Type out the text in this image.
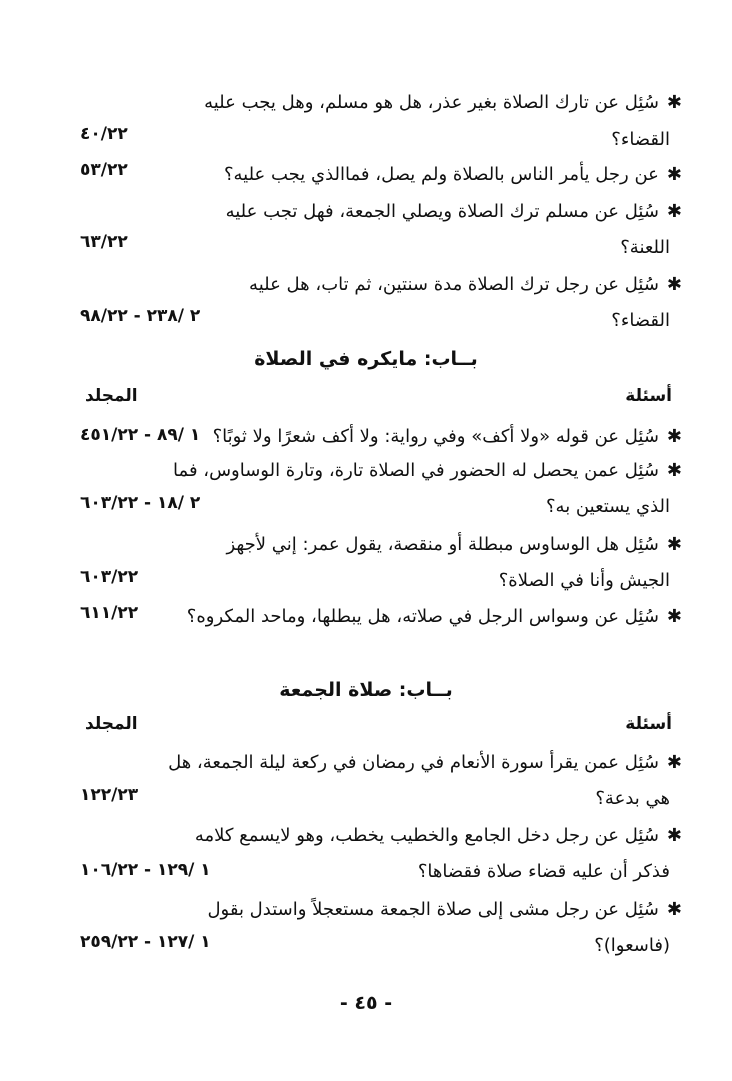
✱سُئِل عن تارك الصلاة بغير عذر، هل هو مسلم، وهل يجب عليه
القضاء؟
٤٠/٢٢
✱عن رجل يأمر الناس بالصلاة ولم يصل، فماالذي يجب عليه؟
٥٣/٢٢
✱سُئِل عن مسلم ترك الصلاة ويصلي الجمعة، فهل تجب عليه
اللعنة؟
٦٣/٢٢
✱سُئِل عن رجل ترك الصلاة مدة سنتين، ثم تاب، هل عليه
القضاء؟
٢ /٢٣٨ - ٩٨/٢٢
بــاب: مايكره في الصلاة
أسئلة
المجلد
✱سُئِل عن قوله «ولا أكف» وفي رواية: ولا أكف شعرًا ولا ثوبًا؟
١ /٨٩ - ٤٥١/٢٢
✱سُئِل عمن يحصل له الحضور في الصلاة تارة، وتارة الوساوس، فما
الذي يستعين به؟
٢ /١٨ - ٦٠٣/٢٢
✱سُئِل هل الوساوس مبطلة أو منقصة، يقول عمر: إني لأجهز
الجيش وأنا في الصلاة؟
٦٠٣/٢٢
✱سُئِل عن وسواس الرجل في صلاته، هل يبطلها، وماحد المكروه؟
٦١١/٢٢
بــاب: صلاة الجمعة
أسئلة
المجلد
✱سُئِل عمن يقرأ سورة الأنعام في رمضان في ركعة ليلة الجمعة، هل
هي بدعة؟
١٢٢/٢٣
✱سُئِل عن رجل دخل الجامع والخطيب يخطب، وهو لايسمع كلامه
فذكر أن عليه قضاء صلاة فقضاها؟
١ /١٢٩ - ١٠٦/٢٢
✱سُئِل عن رجل مشى إلى صلاة الجمعة مستعجلاً واستدل بقول
(فاسعوا)؟
١ /١٢٧ - ٢٥٩/٢٢
- ٤٥ -
